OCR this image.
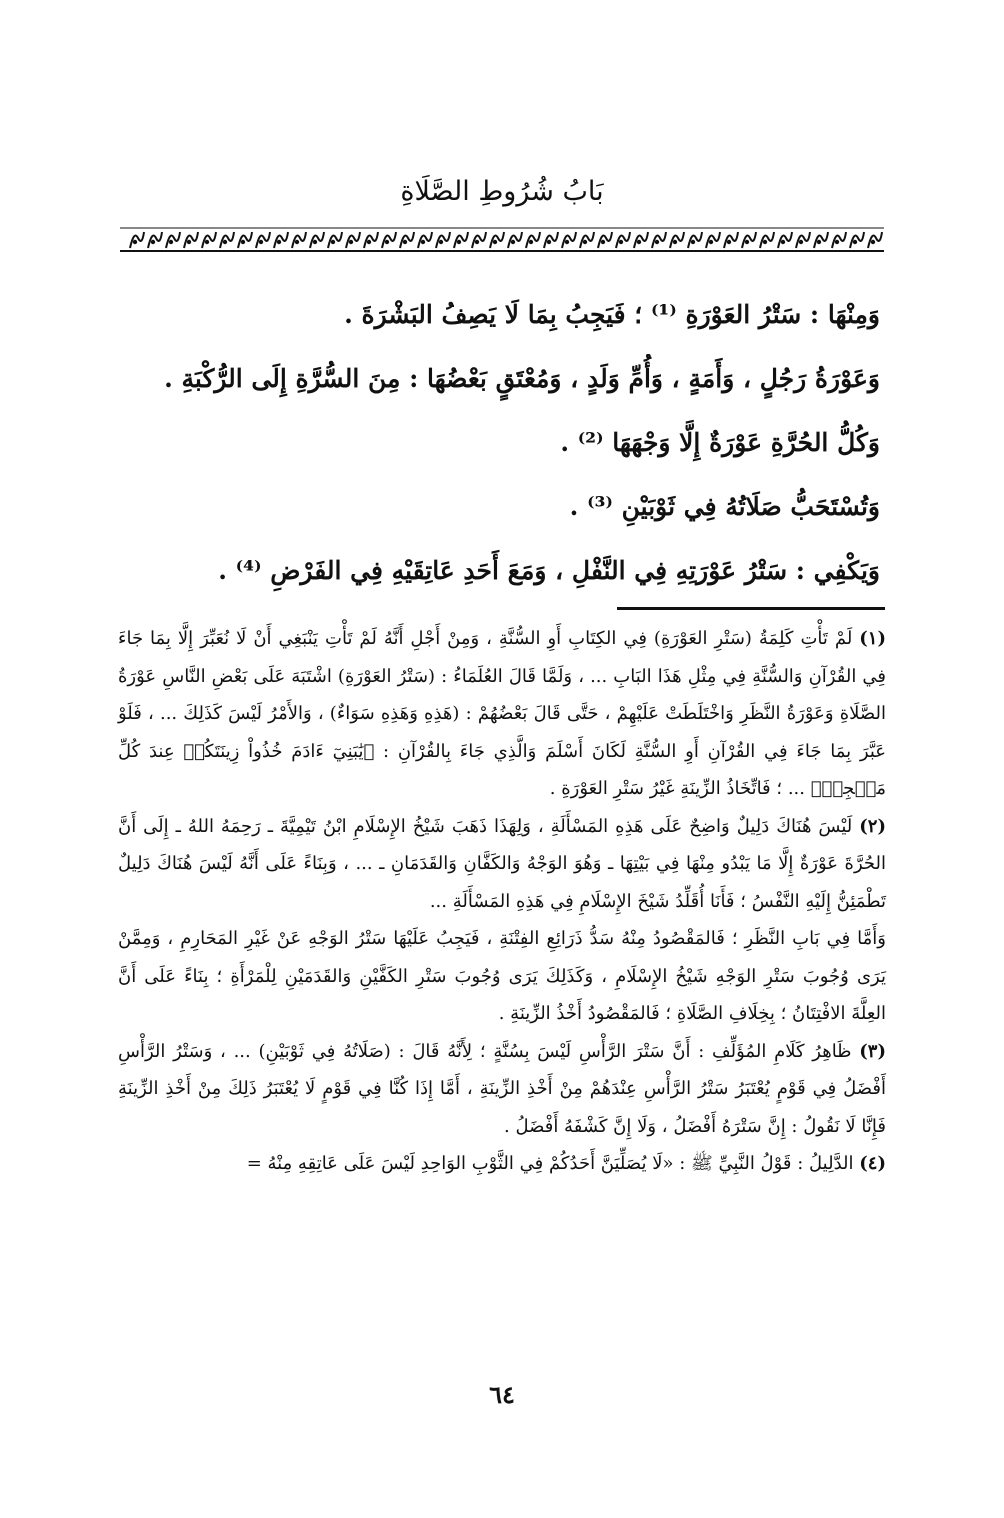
بَابُ شُرُوطِ الصَّلَاةِ
وَمِنْهَا : سَتْرُ العَوْرَةِ ⁽¹⁾ ؛ فَيَجِبُ بِمَا لَا يَصِفُ البَشْرَةَ .
وَعَوْرَةُ رَجُلٍ ، وَأَمَةٍ ، وَأُمِّ وَلَدٍ ، وَمُعْتَقٍ بَعْضُهَا : مِنَ السُّرَّةِ إِلَى الرُّكْبَةِ .
وَكُلُّ الحُرَّةِ عَوْرَةٌ إِلَّا وَجْهَهَا ⁽²⁾ .
وَتُسْتَحَبُّ صَلَاتُهُ فِي ثَوْبَيْنِ ⁽³⁾ .
وَيَكْفِي : سَتْرُ عَوْرَتِهِ فِي النَّفْلِ ، وَمَعَ أَحَدِ عَاتِقَيْهِ فِي الفَرْضِ ⁽⁴⁾ .

(١) لَمْ تَأْتِ كَلِمَةُ (سَتْرِ العَوْرَةِ) فِي الكِتَابِ أَوِ السُّنَّةِ ، وَمِنْ أَجْلِ أَنَّهُ لَمْ تَأْتِ يَنْبَغِي أَنْ لَا نُعَبِّرَ إِلَّا بِمَا جَاءَ فِي القُرْآنِ وَالسُّنَّةِ فِي مِثْلِ هَذَا البَابِ ... ، وَلَمَّا قَالَ العُلَمَاءُ : (سَتْرُ العَوْرَةِ) اشْتَبَهَ عَلَى بَعْضِ النَّاسِ عَوْرَةُ الصَّلَاةِ وَعَوْرَةُ النَّظَرِ وَاخْتَلَطَتْ عَلَيْهِمْ ، حَتَّى قَالَ بَعْضُهُمْ : (هَذِهِ وَهَذِهِ سَوَاءٌ) ، وَالأَمْرُ لَيْسَ كَذَلِكَ ... ، فَلَوْ عَبَّرَ بِمَا جَاءَ فِي القُرْآنِ أَوِ السُّنَّةِ لَكَانَ أَسْلَمَ وَالَّذِي جَاءَ بِالقُرْآنِ : ﴿يَٰبَنِيٓ ءَادَمَ خُذُواْ زِينَتَكُمۡ عِندَ كُلِّ مَسۡجِدٖ﴾ ... ؛ فَاتِّخَاذُ الزِّينَةِ غَيْرُ سَتْرِ العَوْرَةِ .

(٢) لَيْسَ هُنَاكَ دَلِيلٌ وَاضِحٌ عَلَى هَذِهِ المَسْأَلَةِ ، وَلِهَذَا ذَهَبَ شَيْخُ الإِسْلَامِ ابْنُ تَيْمِيَّةَ ـ رَحِمَهُ اللهُ ـ إِلَى أَنَّ الحُرَّةَ عَوْرَةٌ إِلَّا مَا يَبْدُو مِنْهَا فِي بَيْتِهَا ـ وَهُوَ الوَجْهُ وَالكَفَّانِ وَالقَدَمَانِ ـ ... ، وَبِنَاءً عَلَى أَنَّهُ لَيْسَ هُنَاكَ دَلِيلٌ تَطْمَئِنُّ إِلَيْهِ النَّفْسُ ؛ فَأَنَا أُقَلِّدُ شَيْخَ الإِسْلَامِ فِي هَذِهِ المَسْأَلَةِ ...

وَأَمَّا فِي بَابِ النَّظَرِ ؛ فَالمَقْصُودُ مِنْهُ سَدُّ ذَرَائِعِ الفِتْنَةِ ، فَيَجِبُ عَلَيْهَا سَتْرُ الوَجْهِ عَنْ غَيْرِ المَحَارِمِ ، وَمِمَّنْ يَرَى وُجُوبَ سَتْرِ الوَجْهِ شَيْخُ الإِسْلَامِ ، وَكَذَلِكَ يَرَى وُجُوبَ سَتْرِ الكَفَّيْنِ وَالقَدَمَيْنِ لِلْمَرْأَةِ ؛ بِنَاءً عَلَى أَنَّ العِلَّةَ الافْتِتَانُ ؛ بِخِلَافِ الصَّلَاةِ ؛ فَالمَقْصُودُ أَخْذُ الزِّينَةِ .

(٣) ظَاهِرُ كَلَامِ المُؤَلِّفِ : أَنَّ سَتْرَ الرَّأْسِ لَيْسَ بِسُنَّةٍ ؛ لِأَنَّهُ قَالَ : (صَلَاتُهُ فِي ثَوْبَيْنِ) ... ، وَسَتْرُ الرَّأْسِ أَفْضَلُ فِي قَوْمٍ يُعْتَبَرُ سَتْرُ الرَّأْسِ عِنْدَهُمْ مِنْ أَخْذِ الزِّينَةِ ، أَمَّا إِذَا كُنَّا فِي قَوْمٍ لَا يُعْتَبَرُ ذَلِكَ مِنْ أَخْذِ الزِّينَةِ فَإِنَّا لَا نَقُولُ : إِنَّ سَتْرَهُ أَفْضَلُ ، وَلَا إِنَّ كَشْفَهُ أَفْضَلُ .

(٤) الدَّلِيلُ : قَوْلُ النَّبِيِّ ﷺ : «لَا يُصَلِّيَنَّ أَحَدُكُمْ فِي الثَّوْبِ الوَاحِدِ لَيْسَ عَلَى عَاتِقِهِ مِنْهُ =

٦٤
